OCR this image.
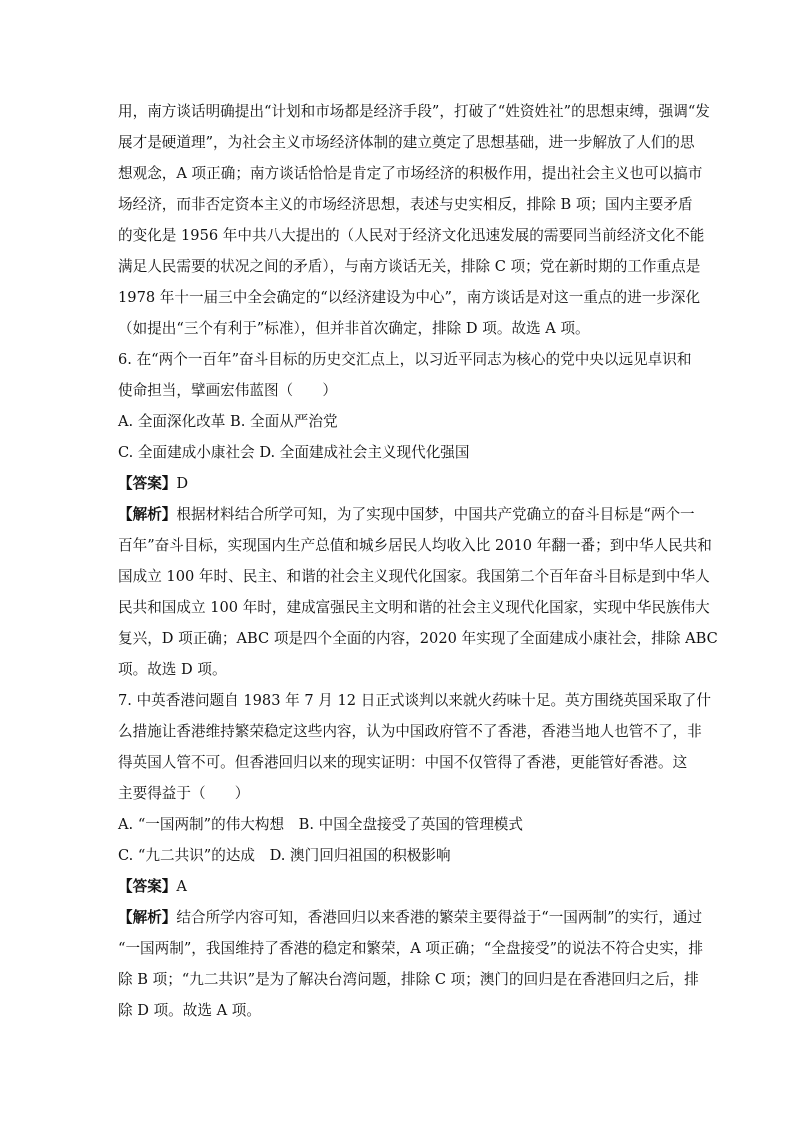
用，南方谈话明确提出“计划和市场都是经济手段”，打破了“姓资姓社”的思想束缚，强调“发
展才是硬道理”，为社会主义市场经济体制的建立奠定了思想基础，进一步解放了人们的思
想观念，A 项正确；南方谈话恰恰是肯定了市场经济的积极作用，提出社会主义也可以搞市
场经济，而非否定资本主义的市场经济思想，表述与史实相反，排除 B 项；国内主要矛盾
的变化是 1956 年中共八大提出的（人民对于经济文化迅速发展的需要同当前经济文化不能
满足人民需要的状况之间的矛盾），与南方谈话无关，排除 C 项；党在新时期的工作重点是
1978 年十一届三中全会确定的“以经济建设为中心”，南方谈话是对这一重点的进一步深化
（如提出“三个有利于”标准），但并非首次确定，排除 D 项。故选 A 项。
6. 在“两个一百年”奋斗目标的历史交汇点上，以习近平同志为核心的党中央以远见卓识和
使命担当，擘画宏伟蓝图（　　）
A. 全面深化改革 B. 全面从严治党
C. 全面建成小康社会 D. 全面建成社会主义现代化强国
【答案】D
【解析】根据材料结合所学可知，为了实现中国梦，中国共产党确立的奋斗目标是“两个一
百年”奋斗目标，实现国内生产总值和城乡居民人均收入比 2010 年翻一番；到中华人民共和
国成立 100 年时、民主、和谐的社会主义现代化国家。我国第二个百年奋斗目标是到中华人
民共和国成立 100 年时，建成富强民主文明和谐的社会主义现代化国家，实现中华民族伟大
复兴，D 项正确；ABC 项是四个全面的内容，2020 年实现了全面建成小康社会，排除 ABC
项。故选 D 项。
7. 中英香港问题自 1983 年 7 月 12 日正式谈判以来就火药味十足。英方围绕英国采取了什
么措施让香港维持繁荣稳定这些内容，认为中国政府管不了香港，香港当地人也管不了，非
得英国人管不可。但香港回归以来的现实证明：中国不仅管得了香港，更能管好香港。这
主要得益于（　　）
A. “一国两制”的伟大构想　B. 中国全盘接受了英国的管理模式
C. “九二共识”的达成　D. 澳门回归祖国的积极影响
【答案】A
【解析】结合所学内容可知，香港回归以来香港的繁荣主要得益于“一国两制”的实行，通过
“一国两制”，我国维持了香港的稳定和繁荣，A 项正确；“全盘接受”的说法不符合史实，排
除 B 项；“九二共识”是为了解决台湾问题，排除 C 项；澳门的回归是在香港回归之后，排
除 D 项。故选 A 项。
